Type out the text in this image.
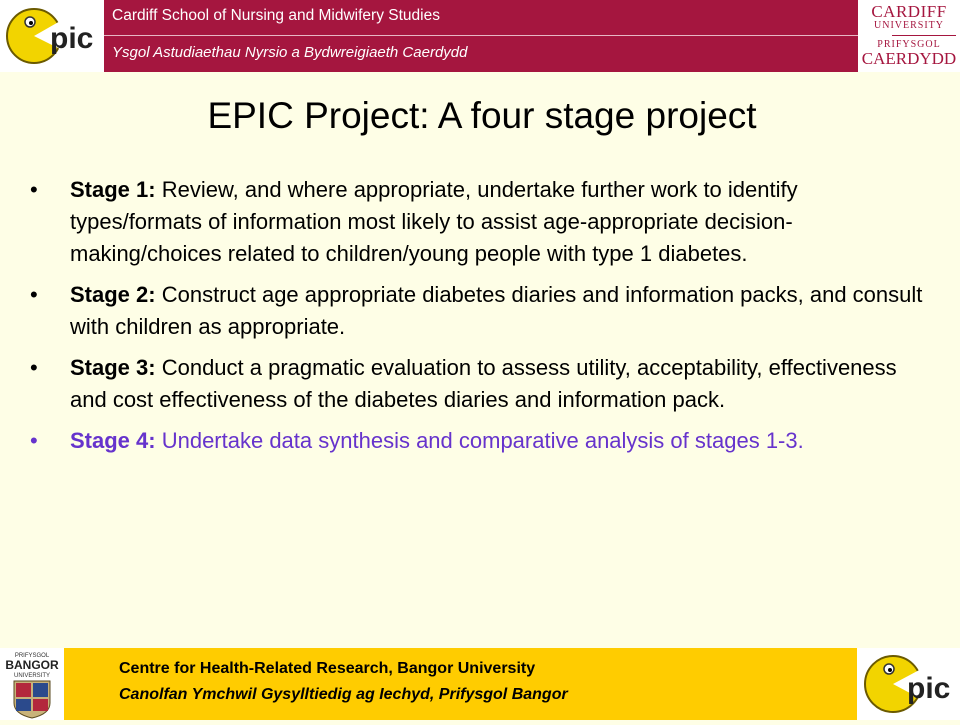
pic
Cardiff School of Nursing and Midwifery Studies
Ysgol Astudiaethau Nyrsio a Bydwreigiaeth Caerdydd
CARDIFF
UNIVERSITY
PRIFYSGOL
CAERDYDD
EPIC Project: A four stage project
• Stage 1: Review, and where appropriate, undertake further work to identify types/formats of information most likely to assist age-appropriate decision-making/choices related to children/young people with type 1 diabetes.
• Stage 2: Construct age appropriate diabetes diaries and information packs, and consult with children as appropriate.
• Stage 3: Conduct a pragmatic evaluation to assess utility, acceptability, effectiveness and cost effectiveness of the diabetes diaries and information pack.
• Stage 4: Undertake data synthesis and comparative analysis of stages 1-3.
PRIFYSGOL
BANGOR
UNIVERSITY	Centre for Health-Related Research, Bangor University
Canolfan Ymchwil Gysylltiedig ag Iechyd, Prifysgol Bangor	pic
